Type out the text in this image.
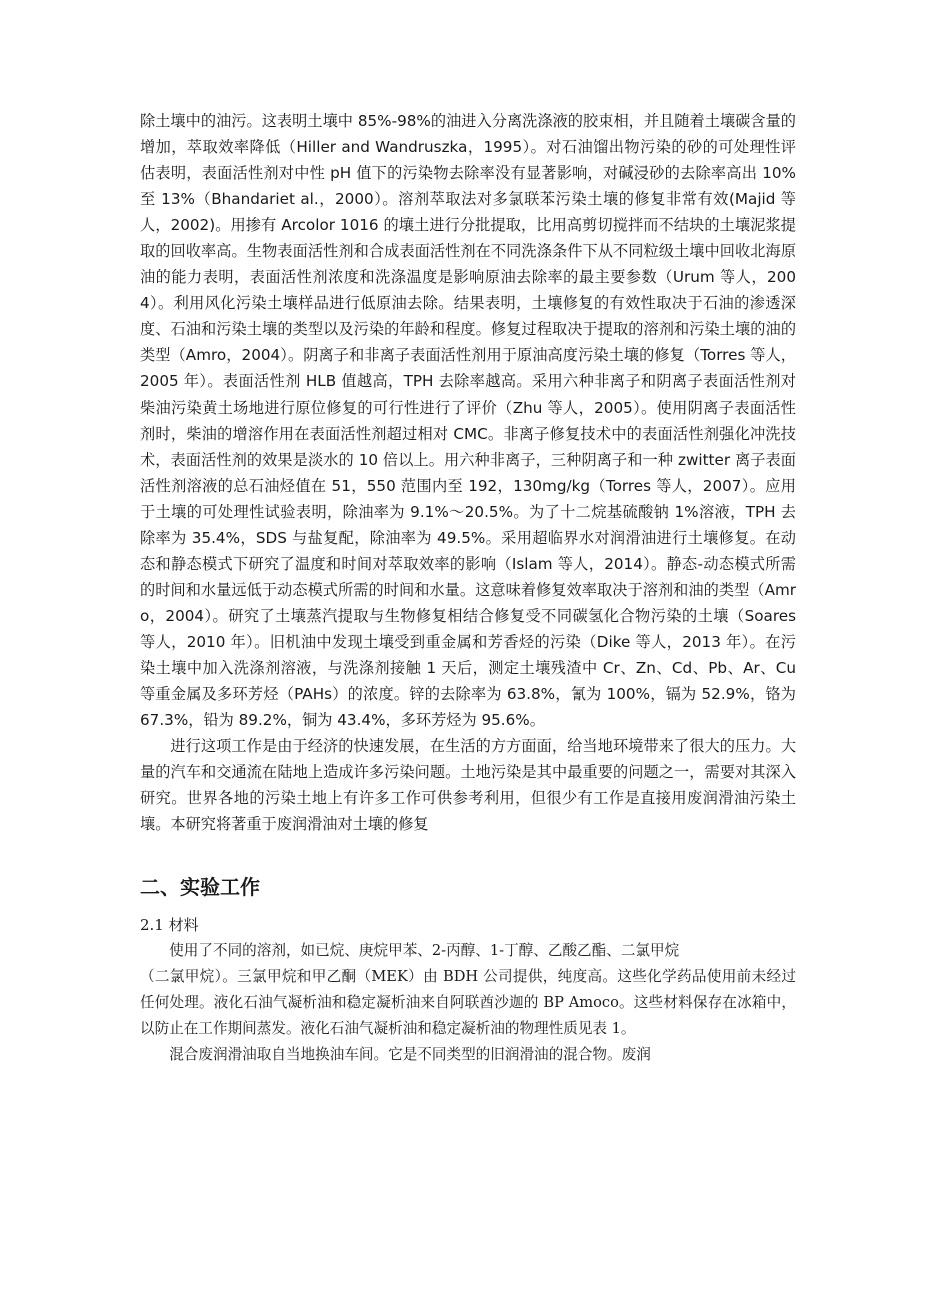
除土壤中的油污。这表明土壤中 85%-98%的油进入分离洗涤液的胶束相，并且随着土壤碳含量的增加，萃取效率降低（Hiller and Wandruszka，1995）。对石油馏出物污染的砂的可处理性评估表明，表面活性剂对中性 pH 值下的污染物去除率没有显著影响，对碱浸砂的去除率高出 10%至 13%（Bhandariet al.，2000）。溶剂萃取法对多氯联苯污染土壤的修复非常有效(Majid 等人，2002)。用掺有 Arcolor 1016 的壤土进行分批提取，比用高剪切搅拌而不结块的土壤泥浆提取的回收率高。生物表面活性剂和合成表面活性剂在不同洗涤条件下从不同粒级土壤中回收北海原油的能力表明，表面活性剂浓度和洗涤温度是影响原油去除率的最主要参数（Urum 等人，2004）。利用风化污染土壤样品进行低原油去除。结果表明，土壤修复的有效性取决于石油的渗透深度、石油和污染土壤的类型以及污染的年龄和程度。修复过程取决于提取的溶剂和污染土壤的油的类型（Amro，2004）。阴离子和非离子表面活性剂用于原油高度污染土壤的修复（Torres 等人，2005 年）。表面活性剂 HLB 值越高，TPH 去除率越高。采用六种非离子和阴离子表面活性剂对柴油污染黄土场地进行原位修复的可行性进行了评价（Zhu 等人，2005）。使用阴离子表面活性剂时，柴油的增溶作用在表面活性剂超过相对 CMC。非离子修复技术中的表面活性剂强化冲洗技术，表面活性剂的效果是淡水的 10 倍以上。用六种非离子，三种阴离子和一种 zwitter 离子表面活性剂溶液的总石油烃值在 51，550 范围内至 192，130mg/kg（Torres 等人，2007）。应用于土壤的可处理性试验表明，除油率为 9.1%～20.5%。为了十二烷基硫酸钠 1%溶液，TPH 去除率为 35.4%，SDS 与盐复配，除油率为 49.5%。采用超临界水对润滑油进行土壤修复。在动态和静态模式下研究了温度和时间对萃取效率的影响（Islam 等人，2014）。静态-动态模式所需的时间和水量远低于动态模式所需的时间和水量。这意味着修复效率取决于溶剂和油的类型（Amro，2004）。研究了土壤蒸汽提取与生物修复相结合修复受不同碳氢化合物污染的土壤（Soares 等人，2010 年）。旧机油中发现土壤受到重金属和芳香烃的污染（Dike 等人，2013 年）。在污染土壤中加入洗涤剂溶液，与洗涤剂接触 1 天后，测定土壤残渣中 Cr、Zn、Cd、Pb、Ar、Cu 等重金属及多环芳烃（PAHs）的浓度。锌的去除率为 63.8%，氰为 100%，镉为 52.9%，铬为 67.3%，铅为 89.2%，铜为 43.4%，多环芳烃为 95.6%。

进行这项工作是由于经济的快速发展，在生活的方方面面，给当地环境带来了很大的压力。大量的汽车和交通流在陆地上造成许多污染问题。土地污染是其中最重要的问题之一，需要对其深入研究。世界各地的污染土地上有许多工作可供参考利用，但很少有工作是直接用废润滑油污染土壤。本研究将著重于废润滑油对土壤的修复

二、实验工作

2.1 材料

使用了不同的溶剂，如已烷、庚烷甲苯、2-丙醇、1-丁醇、乙酸乙酯、二氯甲烷

（二氯甲烷）。三氯甲烷和甲乙酮（MEK）由 BDH 公司提供，纯度高。这些化学药品使用前未经过任何处理。液化石油气凝析油和稳定凝析油来自阿联酋沙迦的 BP Amoco。这些材料保存在冰箱中，以防止在工作期间蒸发。液化石油气凝析油和稳定凝析油的物理性质见表 1。

混合废润滑油取自当地换油车间。它是不同类型的旧润滑油的混合物。废润
